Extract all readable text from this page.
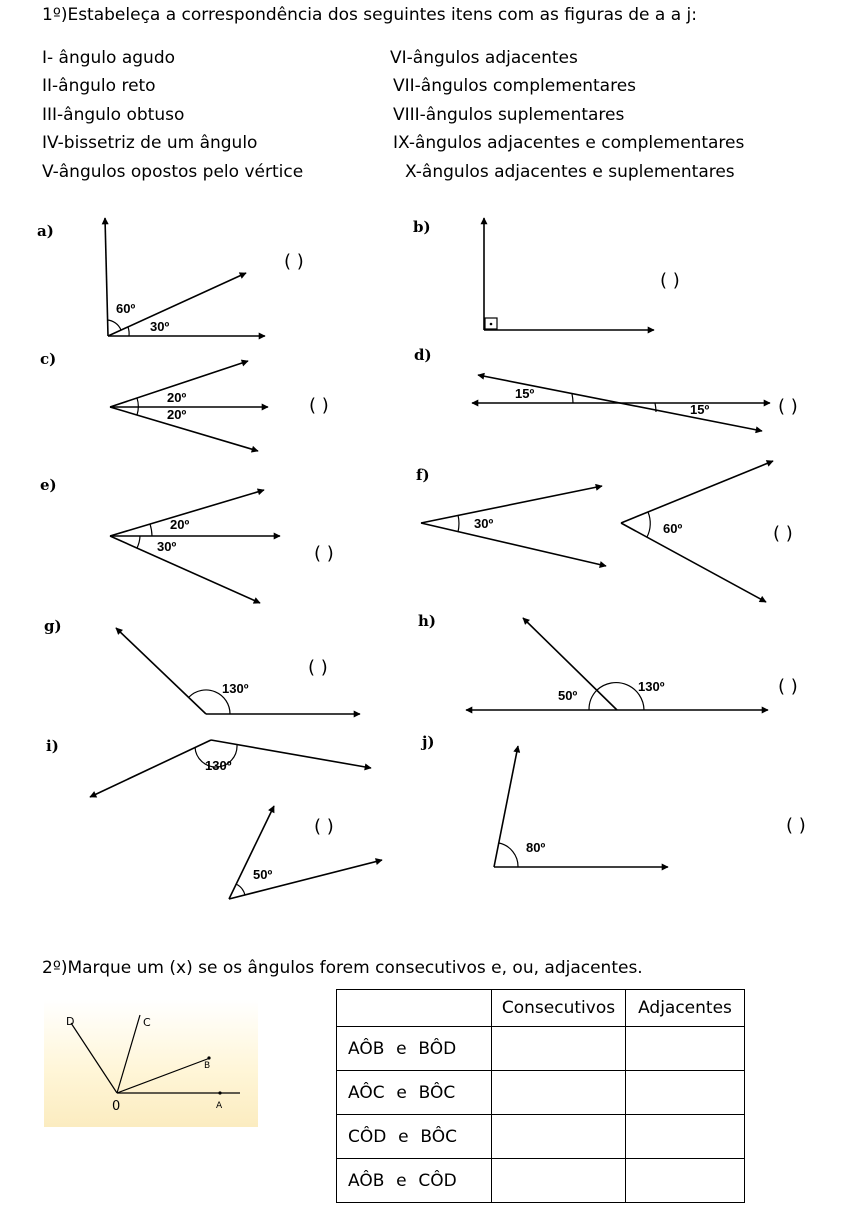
1º)Estabeleça a correspondência dos seguintes itens com as figuras de a a j:
I- ângulo agudo
II-ângulo reto
III-ângulo obtuso
IV-bissetriz de um ângulo
V-ângulos opostos pelo vértice
VI-ângulos adjacentes
VII-ângulos complementares
VIII-ângulos suplementares
IX-ângulos adjacentes e complementares
X-ângulos adjacentes e suplementares
a)	b)
c)	d)
e)
f)
g)	h)
i)	j)
( )
( )
( )	( )
( )
( )
( )
( )
( )	( )
60º
30º
20º
20º
15º
15º
20º
30º
30º	60º
130º	50º
130º
130º
50º
80º
2º)Marque um (x) se os ângulos forem consecutivos e, ou, adjacentes.
D	C
B
0	A
	Consecutivos	Adjacentes
AÔB e BÔD		
AÔC e BÔC		
CÔD e BÔC		
AÔB e CÔD		
